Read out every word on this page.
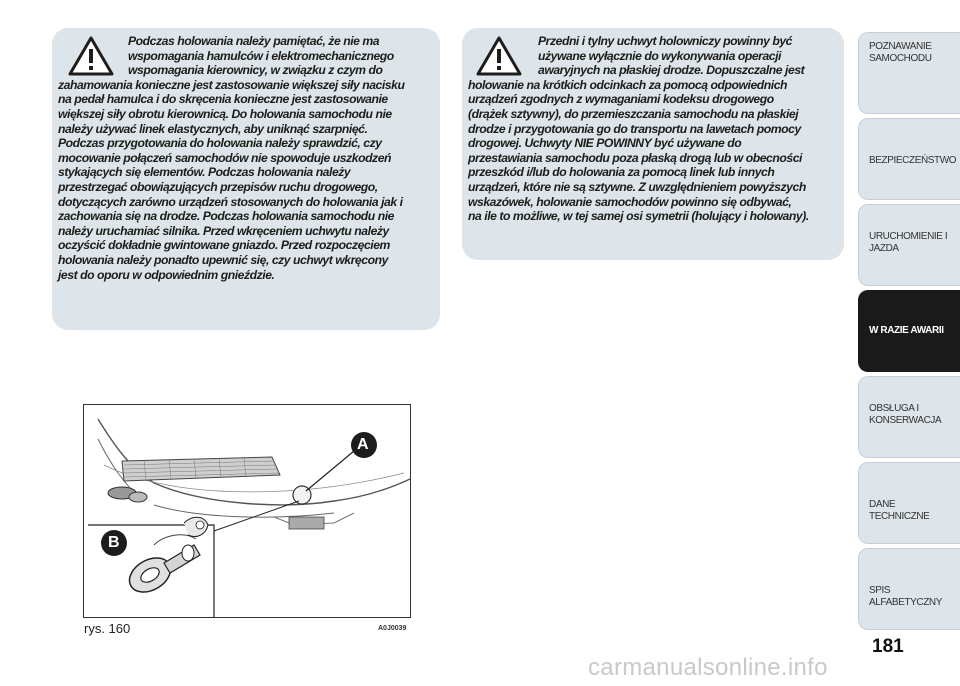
Podczas holowania należy pamiętać, że nie ma
wspomagania hamulców i elektromechanicznego
wspomagania kierownicy, w związku z czym do
zahamowania konieczne jest zastosowanie większej siły nacisku
na pedał hamulca i do skręcenia konieczne jest zastosowanie
większej siły obrotu kierownicą. Do holowania samochodu nie
należy używać linek elastycznych, aby uniknąć szarpnięć.
Podczas przygotowania do holowania należy sprawdzić, czy
mocowanie połączeń samochodów nie spowoduje uszkodzeń
stykających się elementów. Podczas holowania należy
przestrzegać obowiązujących przepisów ruchu drogowego,
dotyczących zarówno urządzeń stosowanych do holowania jak i
zachowania się na drodze. Podczas holowania samochodu nie
należy uruchamiać silnika. Przed wkręceniem uchwytu należy
oczyścić dokładnie gwintowane gniazdo. Przed rozpoczęciem
holowania należy ponadto upewnić się, czy uchwyt wkręcony
jest do oporu w odpowiednim gnieździe.

Przedni i tylny uchwyt holowniczy powinny być
używane wyłącznie do wykonywania operacji
awaryjnych na płaskiej drodze. Dopuszczalne jest
holowanie na krótkich odcinkach za pomocą odpowiednich
urządzeń zgodnych z wymaganiami kodeksu drogowego
(drążek sztywny), do przemieszczania samochodu na płaskiej
drodze i przygotowania go do transportu na lawetach pomocy
drogowej. Uchwyty NIE POWINNY być używane do
przestawiania samochodu poza płaską drogą lub w obecności
przeszkód i/lub do holowania za pomocą linek lub innych
urządzeń, które nie są sztywne. Z uwzględnieniem powyższych
wskazówek, holowanie samochodów powinno się odbywać,
na ile to możliwe, w tej samej osi symetrii (holujący i holowany).

A
B
rys. 160	A0J0039
POZNAWANIE SAMOCHODU
BEZPIECZEŃSTWO
URUCHOMIENIE I JAZDA
W RAZIE AWARII
OBSŁUGA I KONSERWACJA
DANE TECHNICZNE
SPIS ALFABETYCZNY
181
carmanualsonline.info
